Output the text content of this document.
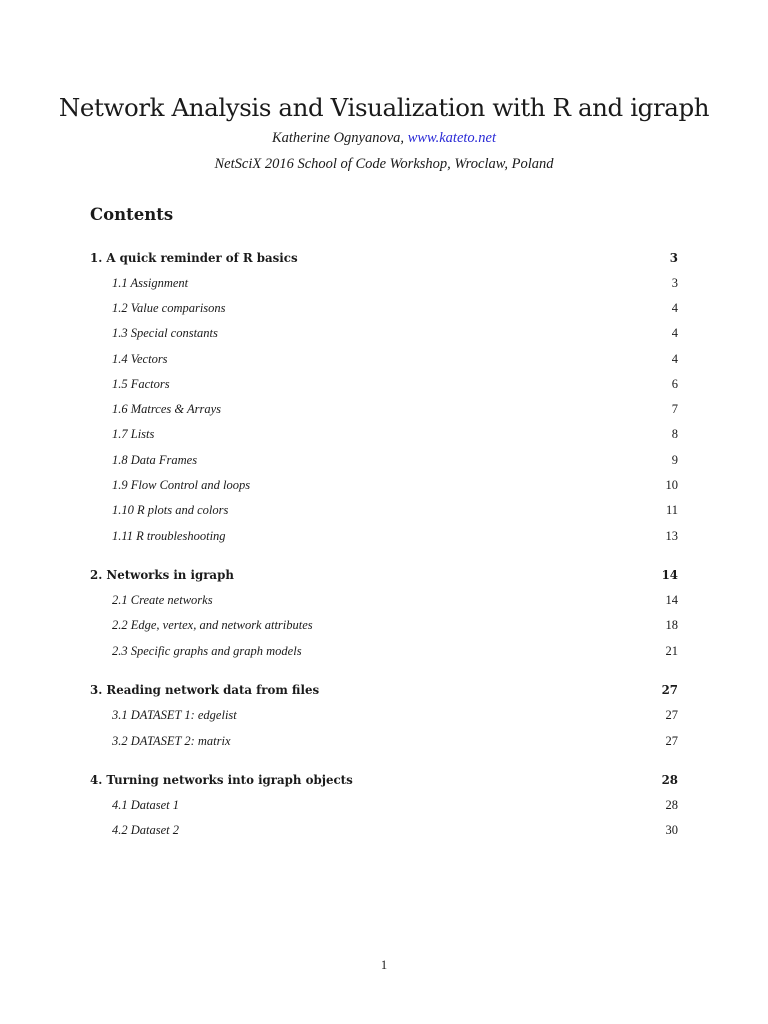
Network Analysis and Visualization with R and igraph
Katherine Ognyanova, www.kateto.net
NetSciX 2016 School of Code Workshop, Wroclaw, Poland
Contents
1. A quick reminder of R basics	3
1.1 Assignment	3
1.2 Value comparisons	4
1.3 Special constants	4
1.4 Vectors	4
1.5 Factors	6
1.6 Matrces & Arrays	7
1.7 Lists	8
1.8 Data Frames	9
1.9 Flow Control and loops	10
1.10 R plots and colors	11
1.11 R troubleshooting	13
2. Networks in igraph	14
2.1 Create networks	14
2.2 Edge, vertex, and network attributes	18
2.3 Specific graphs and graph models	21
3. Reading network data from files	27
3.1 DATASET 1: edgelist	27
3.2 DATASET 2: matrix	27
4. Turning networks into igraph objects	28
4.1 Dataset 1	28
4.2 Dataset 2	30
1
